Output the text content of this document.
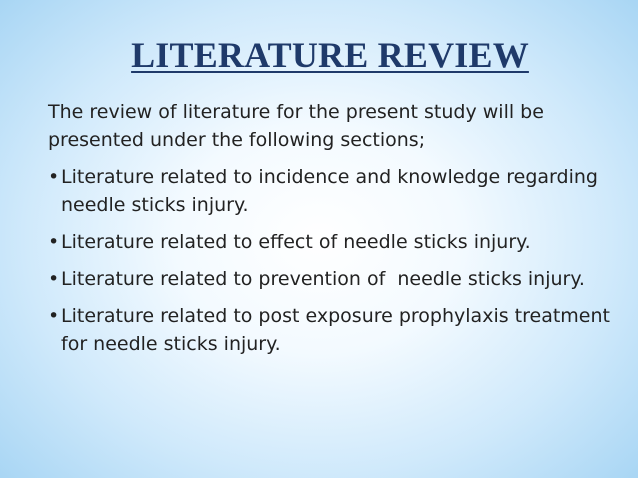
LITERATURE REVIEW

The review of literature for the present study will be presented under the following sections;

• Literature related to incidence and knowledge regarding needle sticks injury.
• Literature related to effect of needle sticks injury.
• Literature related to prevention of  needle sticks injury.
• Literature related to post exposure prophylaxis treatment  for needle sticks injury.
